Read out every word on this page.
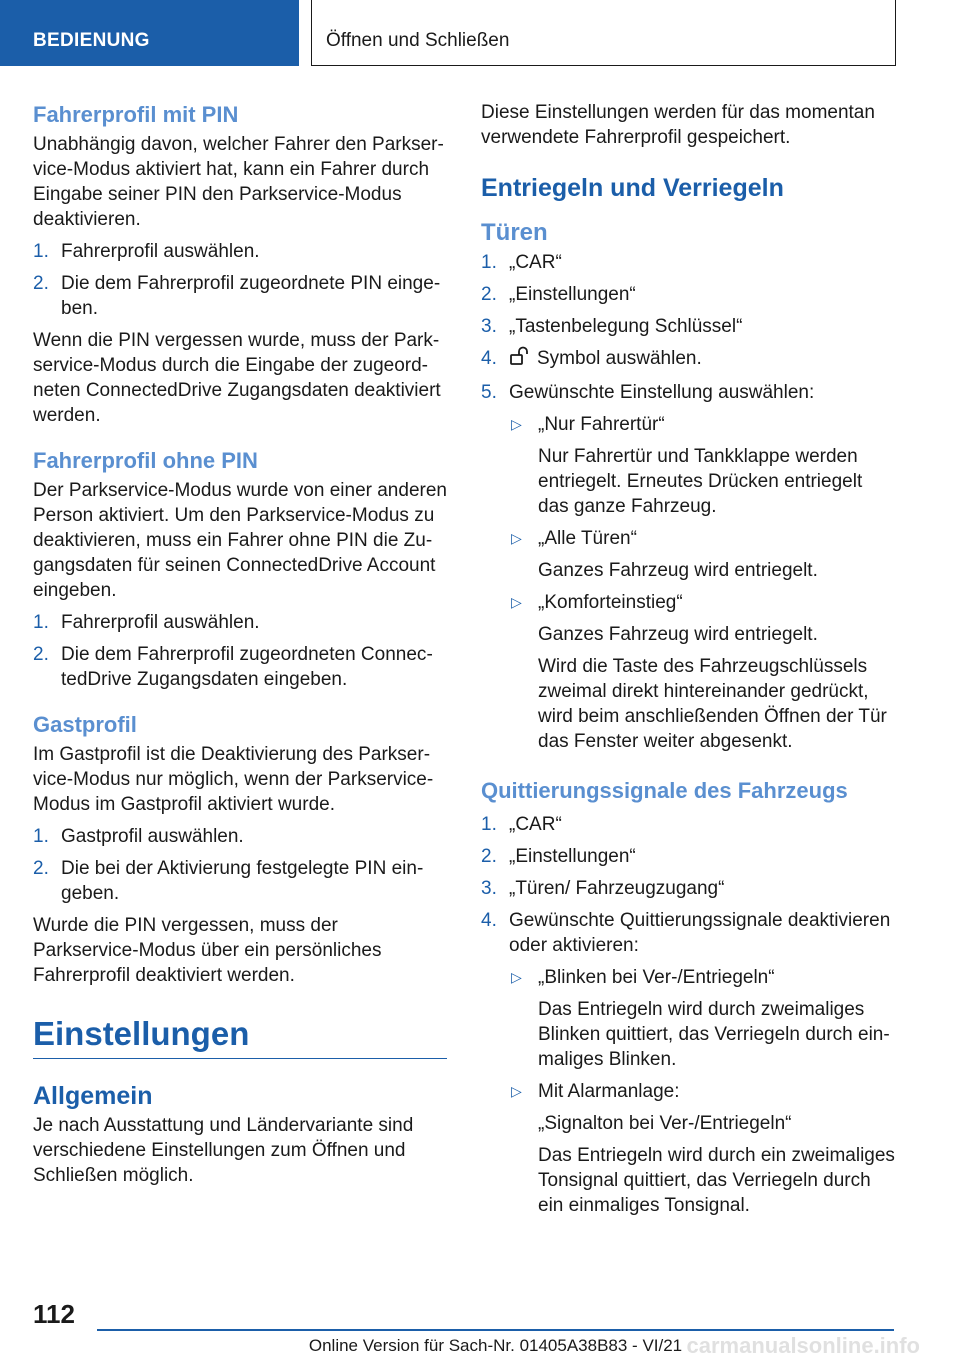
BEDIENUNG	Öffnen und Schließen
Fahrerprofil mit PIN

Unabhängig davon, welcher Fahrer den Parkservice-Modus aktiviert hat, kann ein Fahrer durch Eingabe seiner PIN den Parkservice-Modus deaktivieren.

1. Fahrerprofil auswählen.
2. Die dem Fahrerprofil zugeordnete PIN eingeben.

Wenn die PIN vergessen wurde, muss der Parkservice-Modus durch die Eingabe der zugeordneten ConnectedDrive Zugangsdaten deaktiviert werden.

Fahrerprofil ohne PIN

Der Parkservice-Modus wurde von einer anderen Person aktiviert. Um den Parkservice-Modus zu deaktivieren, muss ein Fahrer ohne PIN die Zugangsdaten für seinen ConnectedDrive Account eingeben.

1. Fahrerprofil auswählen.
2. Die dem Fahrerprofil zugeordneten ConnectedDrive Zugangsdaten eingeben.
Gastprofil

Im Gastprofil ist die Deaktivierung des Parkservice-Modus nur möglich, wenn der Parkservice-Modus im Gastprofil aktiviert wurde.

1. Gastprofil auswählen.
2. Die bei der Aktivierung festgelegte PIN eingeben.

Wurde die PIN vergessen, muss der Parkservice-Modus über ein persönliches Fahrerprofil deaktiviert werden.

Einstellungen
Allgemein

Je nach Ausstattung und Ländervariante sind verschiedene Einstellungen zum Öffnen und Schließen möglich.

Diese Einstellungen werden für das momentan verwendete Fahrerprofil gespeichert.

Entriegeln und Verriegeln
Türen
1. „CAR“
2. „Einstellungen“
3. „Tastenbelegung Schlüssel“
4. Symbol auswählen.
5. Gewünschte Einstellung auswählen:
▷ „Nur Fahrertür“
Nur Fahrertür und Tankklappe werden entriegelt. Erneutes Drücken entriegelt das ganze Fahrzeug.
▷ „Alle Türen“
Ganzes Fahrzeug wird entriegelt.
▷ „Komforteinstieg“
Ganzes Fahrzeug wird entriegelt.
Wird die Taste des Fahrzeugschlüssels zweimal direkt hintereinander gedrückt, wird beim anschließenden Öffnen der Tür das Fenster weiter abgesenkt.
Quittierungssignale des Fahrzeugs
1. „CAR“
2. „Einstellungen“
3. „Türen/ Fahrzeugzugang“
4. Gewünschte Quittierungssignale deaktivieren oder aktivieren:
▷ „Blinken bei Ver-/Entriegeln“
Das Entriegeln wird durch zweimaliges Blinken quittiert, das Verriegeln durch einmaliges Blinken.
▷ Mit Alarmanlage:
„Signalton bei Ver-/Entriegeln“
Das Entriegeln wird durch ein zweimaliges Tonsignal quittiert, das Verriegeln durch ein einmaliges Tonsignal.
112
Online Version für Sach-Nr. 01405A38B83 - VI/21 carmanualsonline.info
